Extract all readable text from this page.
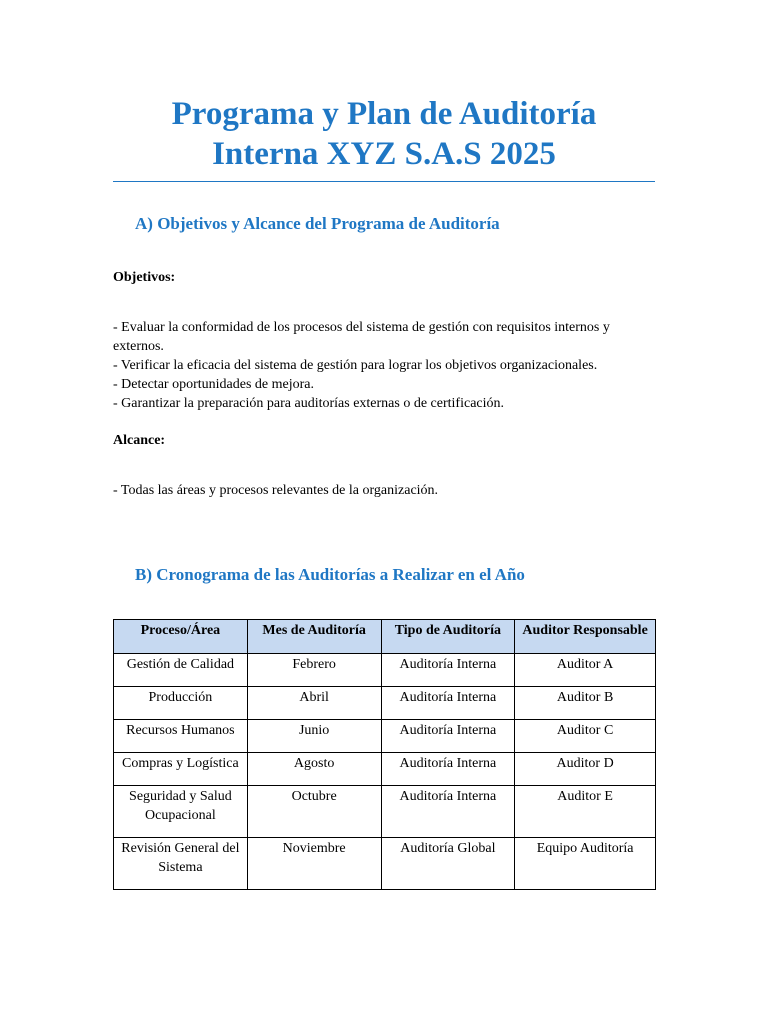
Programa y Plan de Auditoría
Interna XYZ S.A.S 2025
A) Objetivos y Alcance del Programa de Auditoría

Objetivos:

- Evaluar la conformidad de los procesos del sistema de gestión con requisitos internos y externos.
- Verificar la eficacia del sistema de gestión para lograr los objetivos organizacionales.
- Detectar oportunidades de mejora.
- Garantizar la preparación para auditorías externas o de certificación.

Alcance:

- Todas las áreas y procesos relevantes de la organización.
B) Cronograma de las Auditorías a Realizar en el Año
Proceso/Área	Mes de Auditoría	Tipo de Auditoría	Auditor Responsable
Gestión de Calidad	Febrero	Auditoría Interna	Auditor A
Producción	Abril	Auditoría Interna	Auditor B
Recursos Humanos	Junio	Auditoría Interna	Auditor C
Compras y Logística	Agosto	Auditoría Interna	Auditor D
Seguridad y Salud Ocupacional	Octubre	Auditoría Interna	Auditor E
Revisión General del Sistema	Noviembre	Auditoría Global	Equipo Auditoría
